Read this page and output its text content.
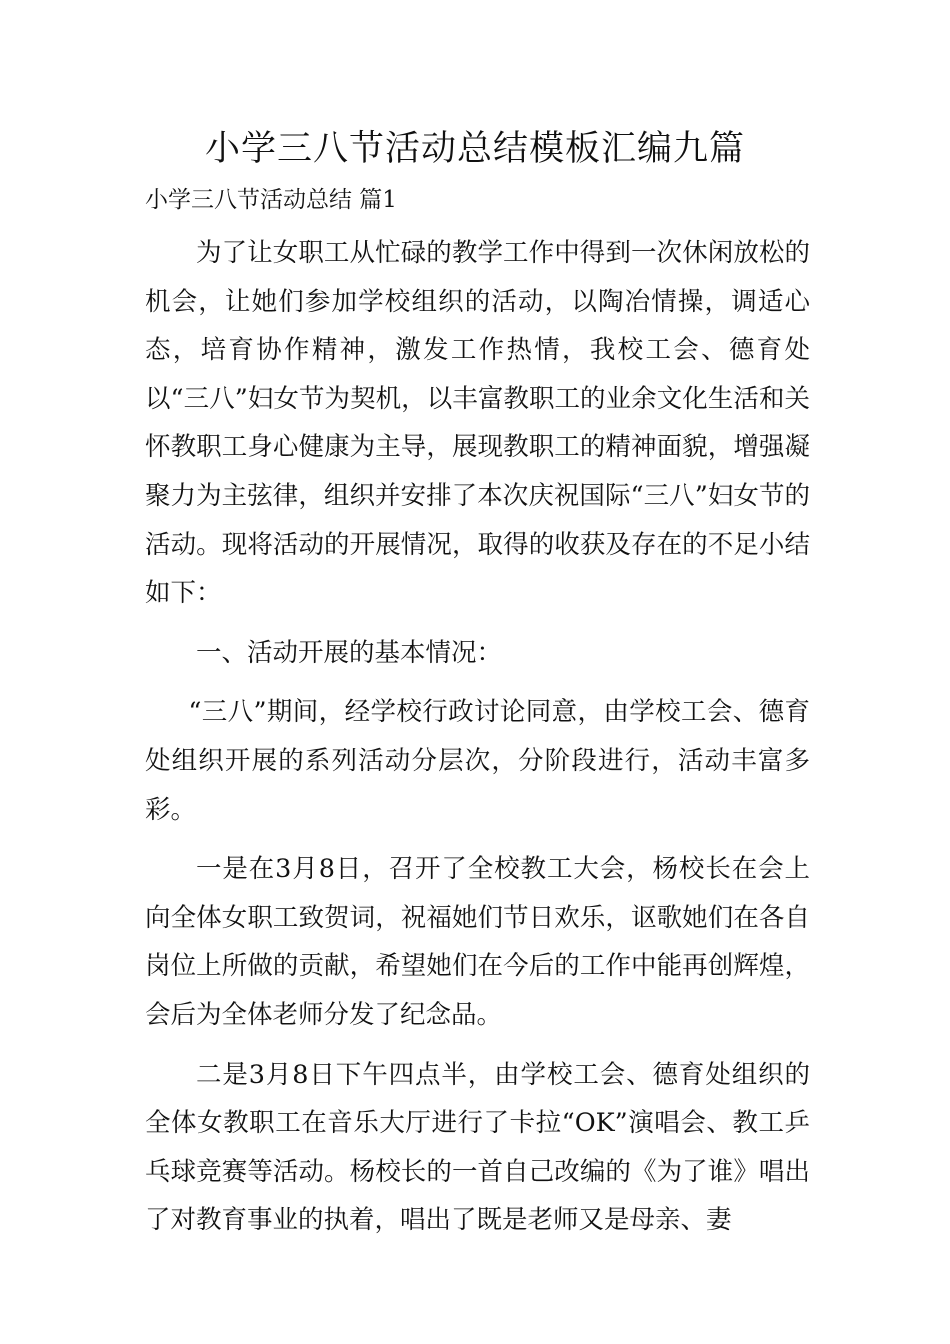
小学三八节活动总结模板汇编九篇
小学三八节活动总结 篇1

为了让女职工从忙碌的教学工作中得到一次休闲放松的机会，让她们参加学校组织的活动，以陶冶情操，调适心态，培育协作精神，激发工作热情，我校工会、德育处以“三八”妇女节为契机，以丰富教职工的业余文化生活和关怀教职工身心健康为主导，展现教职工的精神面貌，增强凝聚力为主弦律，组织并安排了本次庆祝国际“三八”妇女节的活动。现将活动的开展情况，取得的收获及存在的不足小结如下：

一、活动开展的基本情况：

“三八”期间，经学校行政讨论同意，由学校工会、德育处组织开展的系列活动分层次，分阶段进行，活动丰富多彩。

一是在3月8日，召开了全校教工大会，杨校长在会上向全体女职工致贺词，祝福她们节日欢乐，讴歌她们在各自岗位上所做的贡献，希望她们在今后的工作中能再创辉煌，会后为全体老师分发了纪念品。

二是3月8日下午四点半，由学校工会、德育处组织的全体女教职工在音乐大厅进行了卡拉“OK”演唱会、教工乒乓球竞赛等活动。杨校长的一首自己改编的《为了谁》唱出了对教育事业的执着，唱出了既是老师又是母亲、妻
